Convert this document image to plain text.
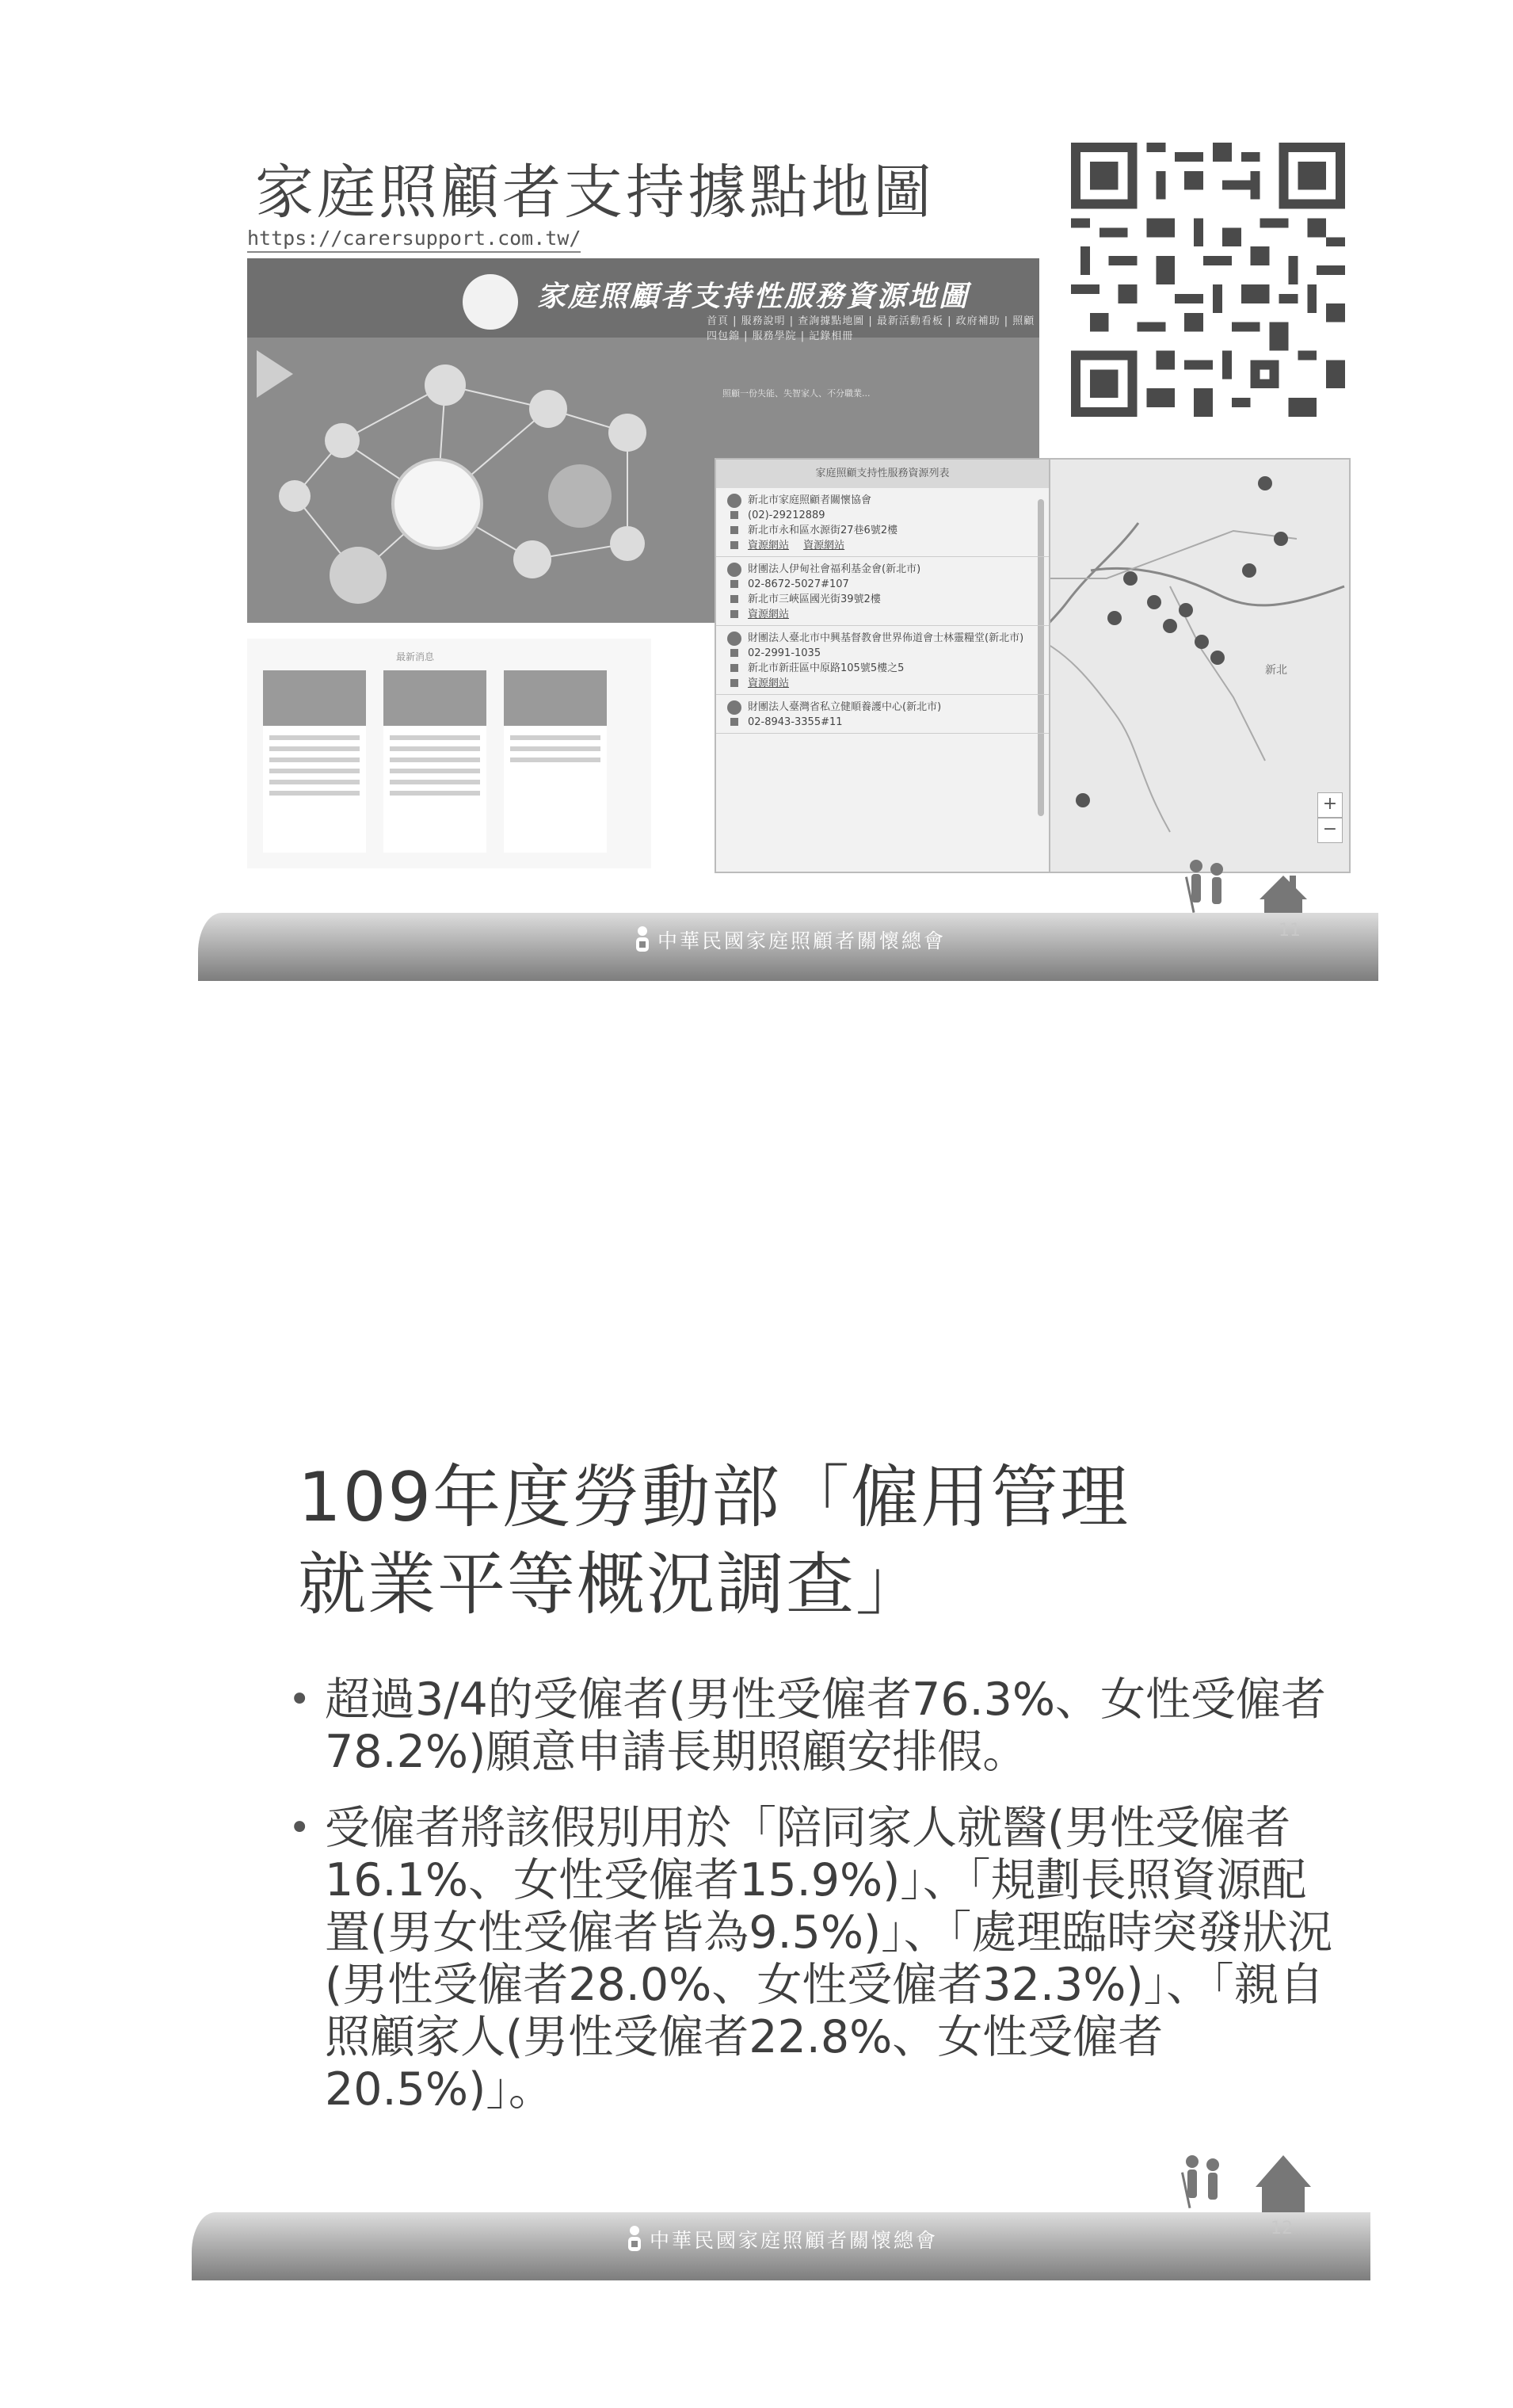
家庭照顧者支持據點地圖
https://carersupport.com.tw/
家庭照顧者支持性服務資源地圖
首頁 | 服務說明 | 查詢據點地圖 | 最新活動看板 | 政府補助 | 照顧四包錦 | 服務學院 | 記錄相冊
照顧一份失能、失智家人、不分職業...
最新消息
新北
+
−
家庭照顧支持性服務資源列表
新北市家庭照顧者關懷協會
(02)-29212889
新北市永和區水源街27巷6號2樓
資源網站 資源網站
財團法人伊甸社會福利基金會(新北市)
02-8672-5027#107
新北市三峽區國光街39號2樓
資源網站
財團法人臺北市中興基督教會世界佈道會士林靈糧堂(新北市)
02-2991-1035
新北市新莊區中原路105號5樓之5
資源網站
財團法人臺灣省私立健順養護中心(新北市)
02-8943-3355#11
中華民國家庭照顧者關懷總會	11
109年度勞動部「僱用管理
就業平等概況調查」
• 超過3/4的受僱者(男性受僱者76.3%、女性受僱者78.2%)願意申請長期照顧安排假。
• 受僱者將該假別用於「陪同家人就醫(男性受僱者16.1%、女性受僱者15.9%)」、「規劃長照資源配置(男女性受僱者皆為9.5%)」、「處理臨時突發狀況(男性受僱者28.0%、女性受僱者32.3%)」、「親自照顧家人(男性受僱者22.8%、女性受僱者20.5%)」。
中華民國家庭照顧者關懷總會
12
